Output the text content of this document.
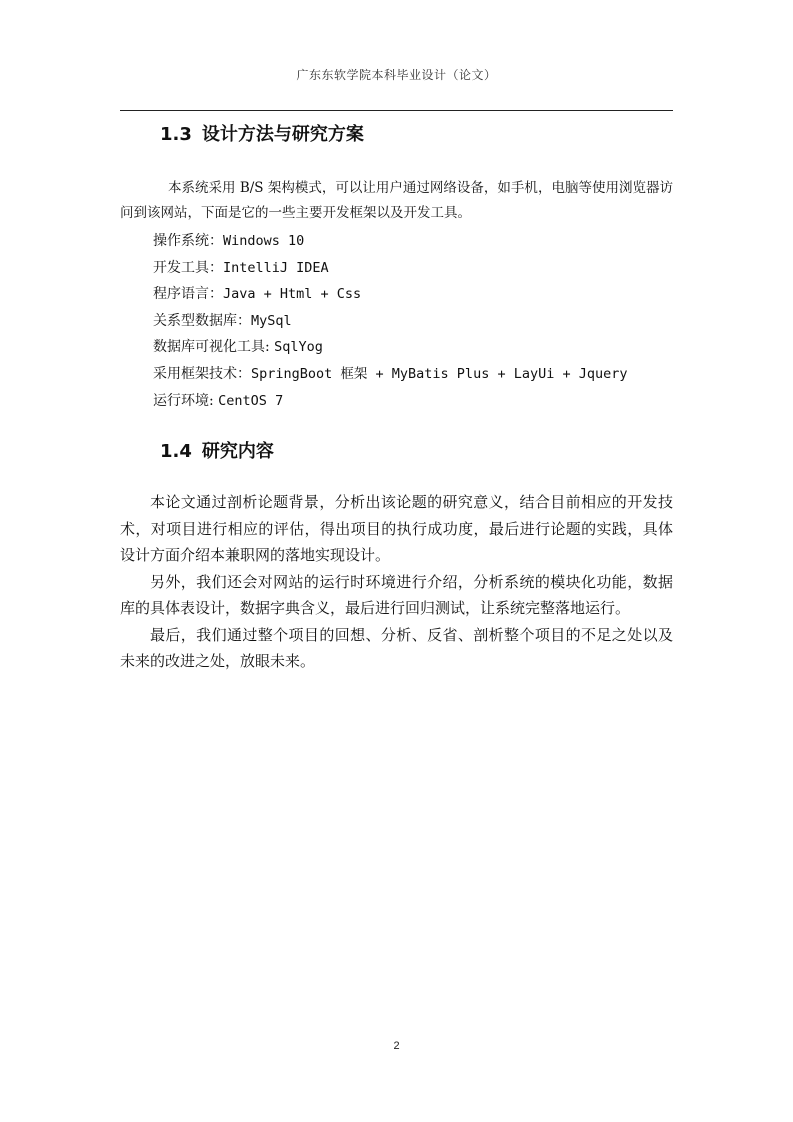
广东东软学院本科毕业设计（论文）
1.3 设计方法与研究方案
本系统采用 B/S 架构模式，可以让用户通过网络设备，如手机，电脑等使用浏览器访问到该网站，下面是它的一些主要开发框架以及开发工具。
操作系统：Windows 10
开发工具：IntelliJ IDEA
程序语言：Java + Html + Css
关系型数据库：MySql
数据库可视化工具: SqlYog
采用框架技术：SpringBoot 框架 + MyBatis Plus + LayUi + Jquery
运行环境: CentOS 7
1.4 研究内容

本论文通过剖析论题背景，分析出该论题的研究意义，结合目前相应的开发技术，对项目进行相应的评估，得出项目的执行成功度，最后进行论题的实践，具体设计方面介绍本兼职网的落地实现设计。

另外，我们还会对网站的运行时环境进行介绍，分析系统的模块化功能，数据库的具体表设计，数据字典含义，最后进行回归测试，让系统完整落地运行。

最后，我们通过整个项目的回想、分析、反省、剖析整个项目的不足之处以及未来的改进之处，放眼未来。

2
